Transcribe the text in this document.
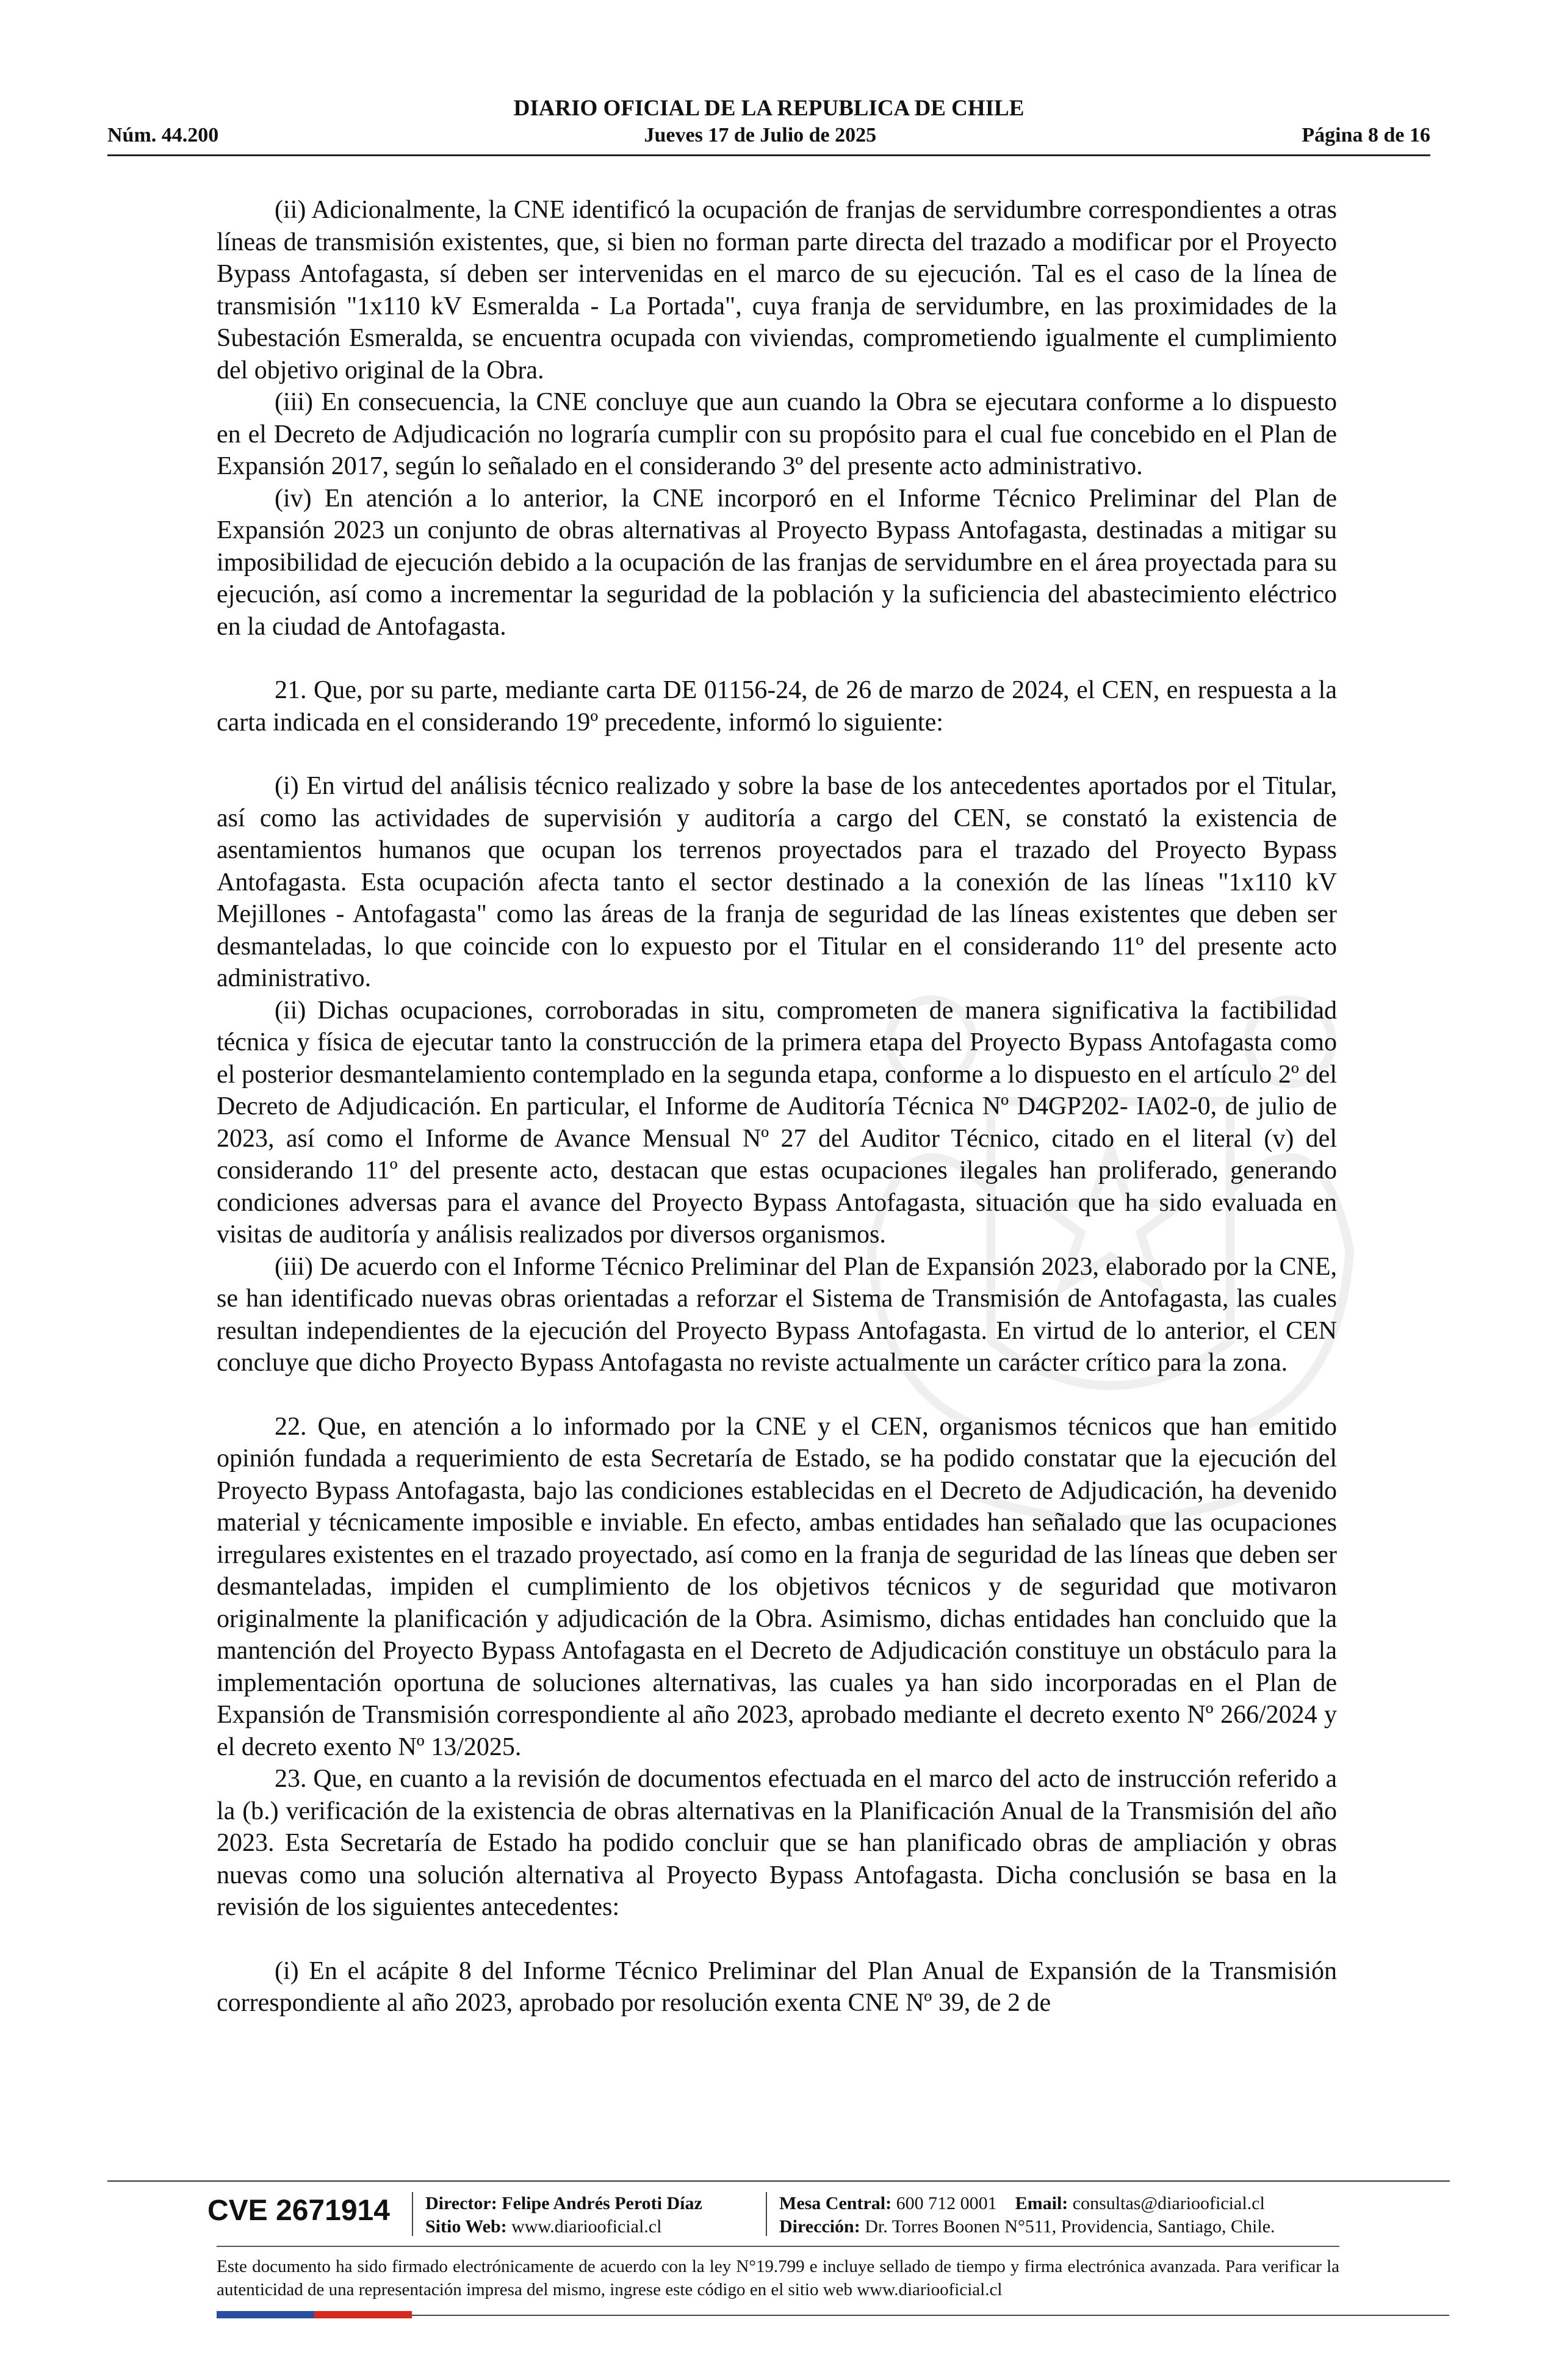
DIARIO OFICIAL DE LA REPUBLICA DE CHILE
Núm. 44.200	Jueves 17 de Julio de 2025	Página 8 de 16

(ii) Adicionalmente, la CNE identificó la ocupación de franjas de servidumbre correspondientes a otras líneas de transmisión existentes, que, si bien no forman parte directa del trazado a modificar por el Proyecto Bypass Antofagasta, sí deben ser intervenidas en el marco de su ejecución. Tal es el caso de la línea de transmisión "1x110 kV Esmeralda - La Portada", cuya franja de servidumbre, en las proximidades de la Subestación Esmeralda, se encuentra ocupada con viviendas, comprometiendo igualmente el cumplimiento del objetivo original de la Obra.

(iii) En consecuencia, la CNE concluye que aun cuando la Obra se ejecutara conforme a lo dispuesto en el Decreto de Adjudicación no lograría cumplir con su propósito para el cual fue concebido en el Plan de Expansión 2017, según lo señalado en el considerando 3º del presente acto administrativo.

(iv) En atención a lo anterior, la CNE incorporó en el Informe Técnico Preliminar del Plan de Expansión 2023 un conjunto de obras alternativas al Proyecto Bypass Antofagasta, destinadas a mitigar su imposibilidad de ejecución debido a la ocupación de las franjas de servidumbre en el área proyectada para su ejecución, así como a incrementar la seguridad de la población y la suficiencia del abastecimiento eléctrico en la ciudad de Antofagasta.

21. Que, por su parte, mediante carta DE 01156-24, de 26 de marzo de 2024, el CEN, en respuesta a la carta indicada en el considerando 19º precedente, informó lo siguiente:

(i) En virtud del análisis técnico realizado y sobre la base de los antecedentes aportados por el Titular, así como las actividades de supervisión y auditoría a cargo del CEN, se constató la existencia de asentamientos humanos que ocupan los terrenos proyectados para el trazado del Proyecto Bypass Antofagasta. Esta ocupación afecta tanto el sector destinado a la conexión de las líneas "1x110 kV Mejillones - Antofagasta" como las áreas de la franja de seguridad de las líneas existentes que deben ser desmanteladas, lo que coincide con lo expuesto por el Titular en el considerando 11º del presente acto administrativo.

(ii) Dichas ocupaciones, corroboradas in situ, comprometen de manera significativa la factibilidad técnica y física de ejecutar tanto la construcción de la primera etapa del Proyecto Bypass Antofagasta como el posterior desmantelamiento contemplado en la segunda etapa, conforme a lo dispuesto en el artículo 2º del Decreto de Adjudicación. En particular, el Informe de Auditoría Técnica Nº D4GP202- IA02-0, de julio de 2023, así como el Informe de Avance Mensual Nº 27 del Auditor Técnico, citado en el literal (v) del considerando 11º del presente acto, destacan que estas ocupaciones ilegales han proliferado, generando condiciones adversas para el avance del Proyecto Bypass Antofagasta, situación que ha sido evaluada en visitas de auditoría y análisis realizados por diversos organismos.

(iii) De acuerdo con el Informe Técnico Preliminar del Plan de Expansión 2023, elaborado por la CNE, se han identificado nuevas obras orientadas a reforzar el Sistema de Transmisión de Antofagasta, las cuales resultan independientes de la ejecución del Proyecto Bypass Antofagasta. En virtud de lo anterior, el CEN concluye que dicho Proyecto Bypass Antofagasta no reviste actualmente un carácter crítico para la zona.

22. Que, en atención a lo informado por la CNE y el CEN, organismos técnicos que han emitido opinión fundada a requerimiento de esta Secretaría de Estado, se ha podido constatar que la ejecución del Proyecto Bypass Antofagasta, bajo las condiciones establecidas en el Decreto de Adjudicación, ha devenido material y técnicamente imposible e inviable. En efecto, ambas entidades han señalado que las ocupaciones irregulares existentes en el trazado proyectado, así como en la franja de seguridad de las líneas que deben ser desmanteladas, impiden el cumplimiento de los objetivos técnicos y de seguridad que motivaron originalmente la planificación y adjudicación de la Obra. Asimismo, dichas entidades han concluido que la mantención del Proyecto Bypass Antofagasta en el Decreto de Adjudicación constituye un obstáculo para la implementación oportuna de soluciones alternativas, las cuales ya han sido incorporadas en el Plan de Expansión de Transmisión correspondiente al año 2023, aprobado mediante el decreto exento Nº 266/2024 y el decreto exento Nº 13/2025.

23. Que, en cuanto a la revisión de documentos efectuada en el marco del acto de instrucción referido a la (b.) verificación de la existencia de obras alternativas en la Planificación Anual de la Transmisión del año 2023. Esta Secretaría de Estado ha podido concluir que se han planificado obras de ampliación y obras nuevas como una solución alternativa al Proyecto Bypass Antofagasta. Dicha conclusión se basa en la revisión de los siguientes antecedentes:

(i) En el acápite 8 del Informe Técnico Preliminar del Plan Anual de Expansión de la Transmisión correspondiente al año 2023, aprobado por resolución exenta CNE Nº 39, de 2 de

CVE 2671914 Director: Felipe Andrés Peroti Díaz
Sitio Web: www.diariooficial.cl
Mesa Central: 600 712 0001 Email: consultas@diariooficial.cl
Dirección: Dr. Torres Boonen N°511, Providencia, Santiago, Chile.
Este documento ha sido firmado electrónicamente de acuerdo con la ley N°19.799 e incluye sellado de tiempo y firma electrónica avanzada. Para verificar la autenticidad de una representación impresa del mismo, ingrese este código en el sitio web www.diariooficial.cl
